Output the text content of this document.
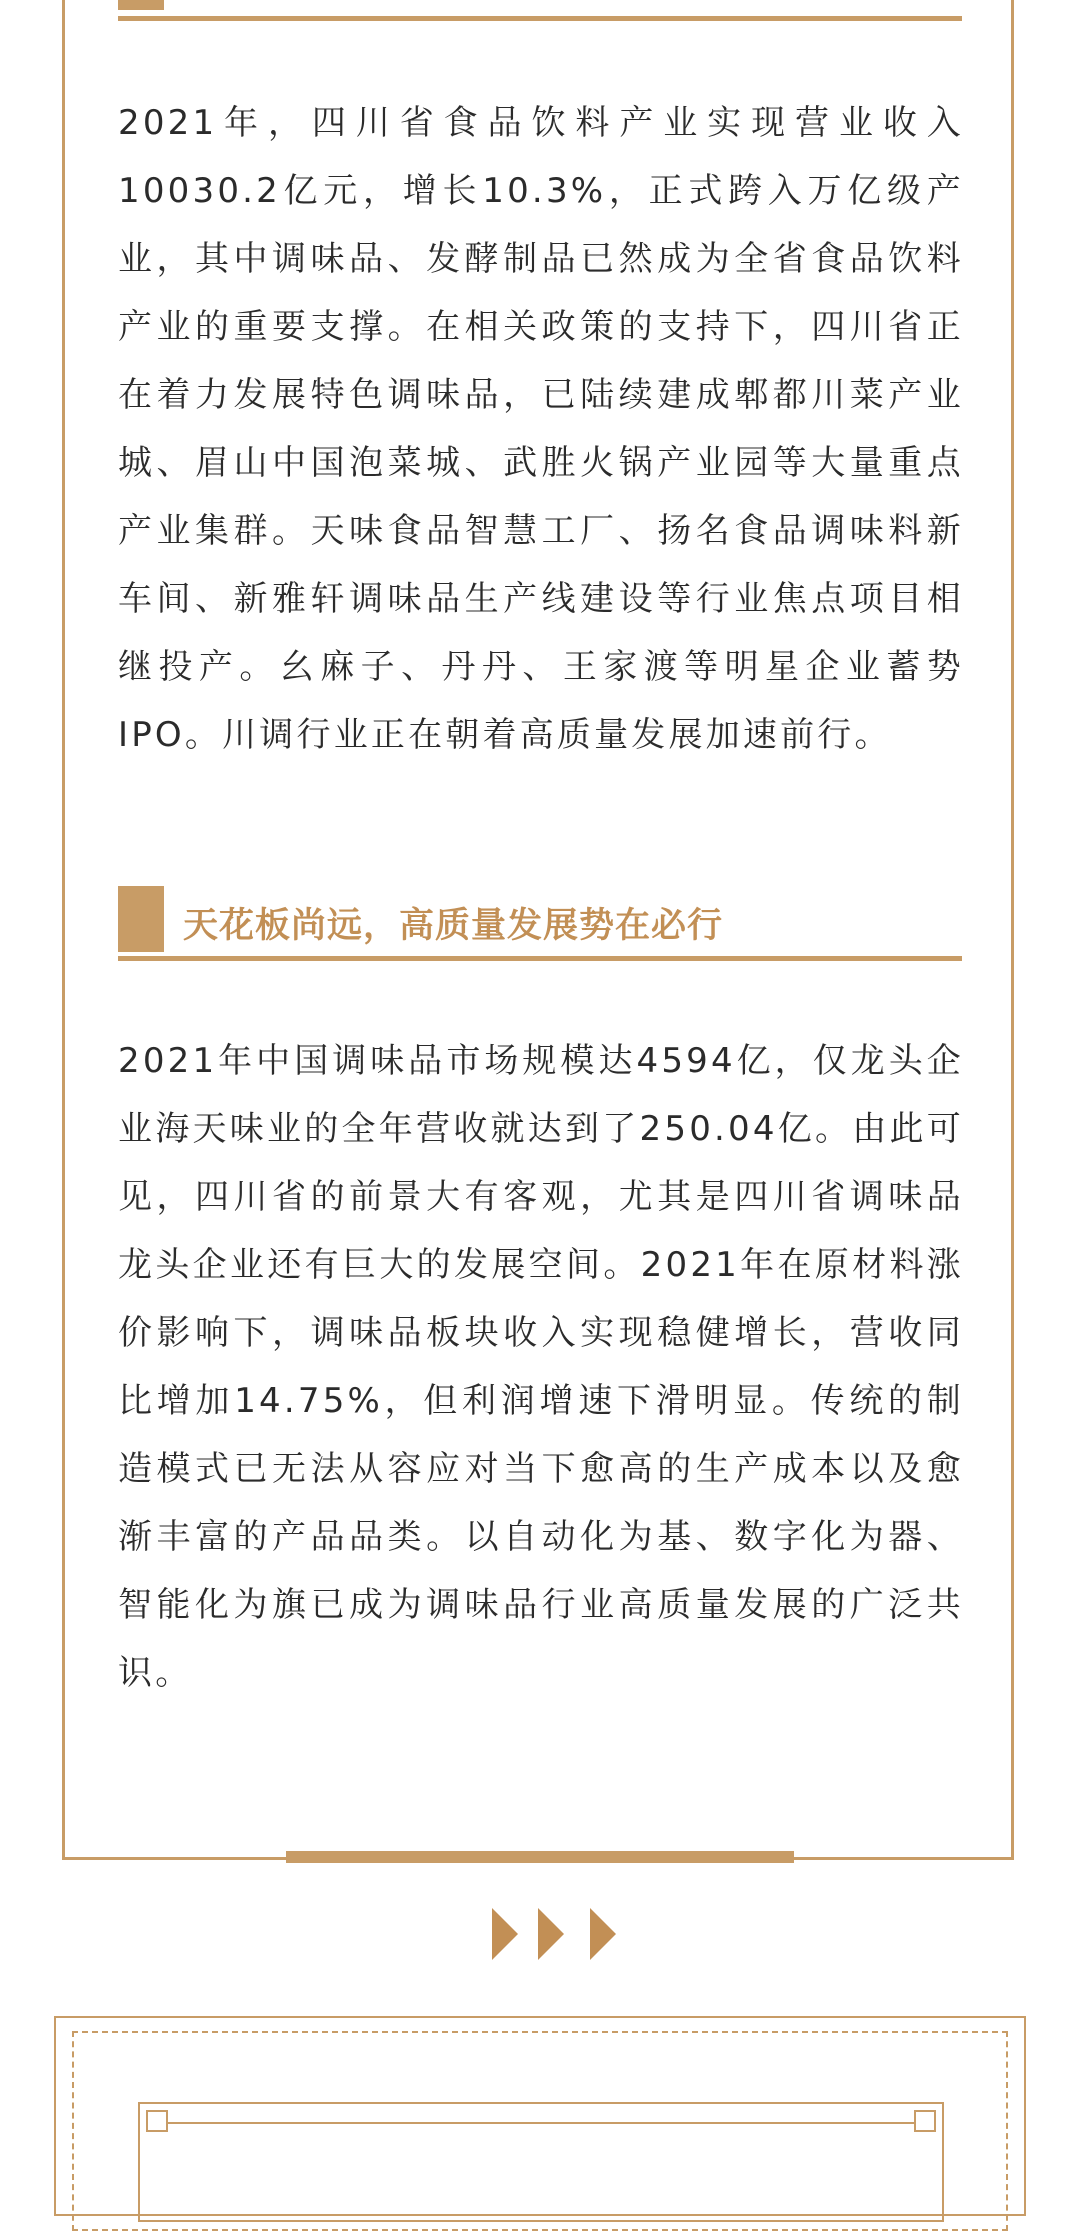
2021年，四川省食品饮料产业实现营业收入10030.2亿元，增长10.3%，正式跨入万亿级产业，其中调味品、发酵制品已然成为全省食品饮料产业的重要支撑。在相关政策的支持下，四川省正在着力发展特色调味品，已陆续建成郫都川菜产业城、眉山中国泡菜城、武胜火锅产业园等大量重点产业集群。天味食品智慧工厂、扬名食品调味料新车间、新雅轩调味品生产线建设等行业焦点项目相继投产。幺麻子、丹丹、王家渡等明星企业蓄势IPO。川调行业正在朝着高质量发展加速前行。

天花板尚远，高质量发展势在必行

2021年中国调味品市场规模达4594亿，仅龙头企业海天味业的全年营收就达到了250.04亿。由此可见，四川省的前景大有客观，尤其是四川省调味品龙头企业还有巨大的发展空间。2021年在原材料涨价影响下，调味品板块收入实现稳健增长，营收同比增加14.75%，但利润增速下滑明显。传统的制造模式已无法从容应对当下愈高的生产成本以及愈渐丰富的产品品类。以自动化为基、数字化为器、智能化为旗已成为调味品行业高质量发展的广泛共识。
